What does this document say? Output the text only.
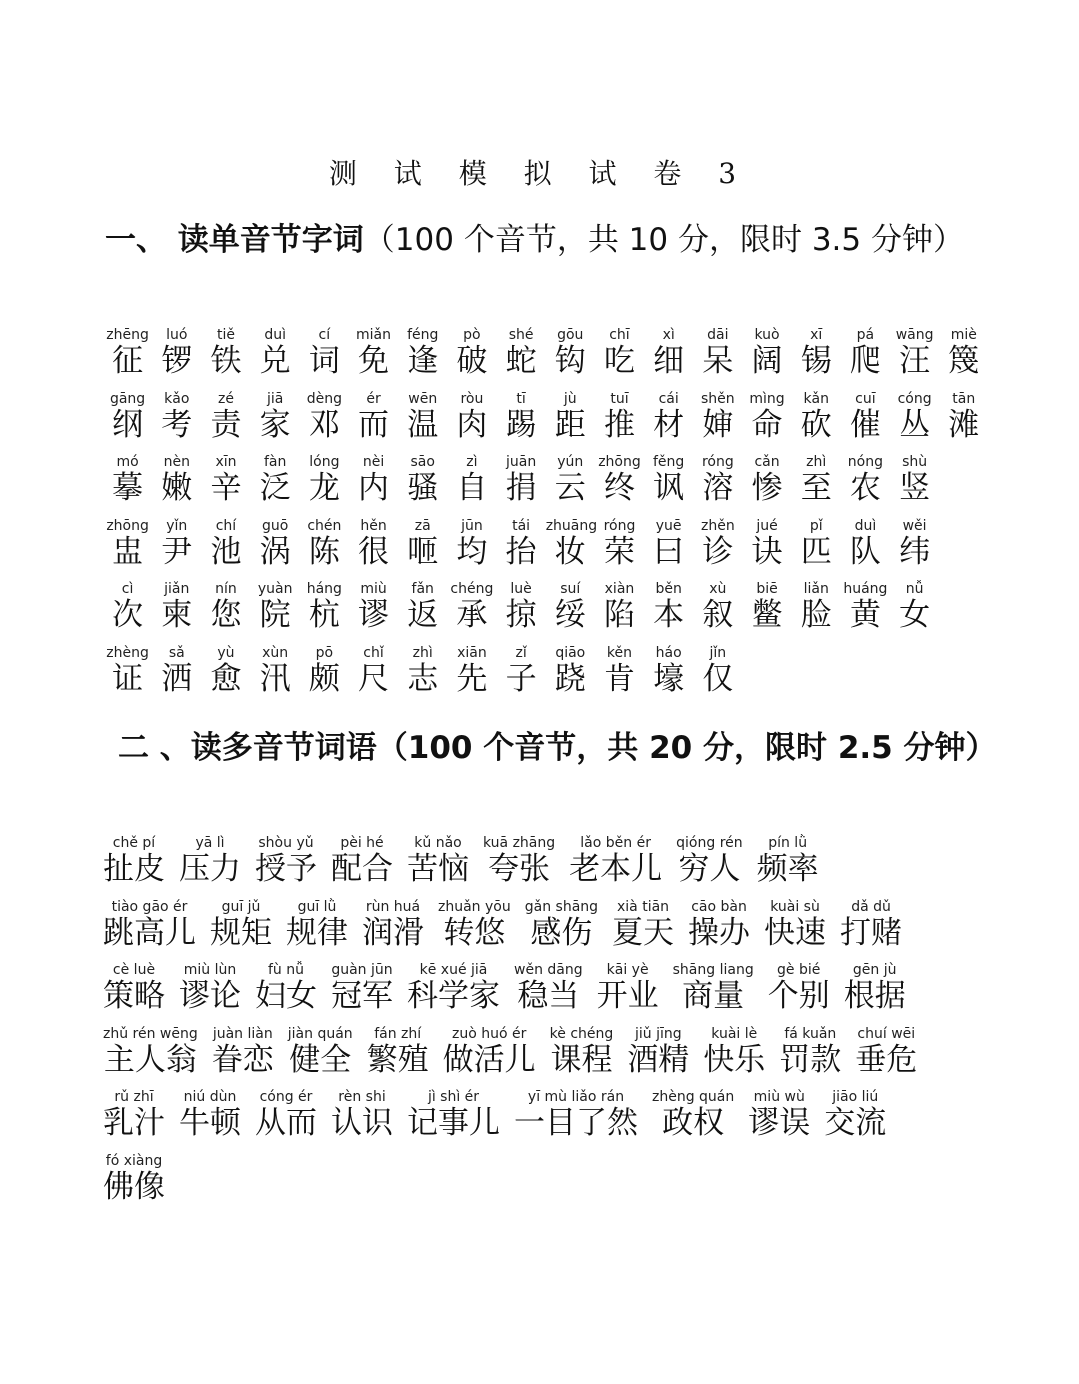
测 试 模 拟 试 卷 3
一、 读单音节字词（100 个音节，共 10 分，限时 3.5 分钟）
zhēng
征
luó
锣
tiě
铁
duì
兑
cí
词
miǎn
免
féng
逢
pò
破
shé
蛇
gōu
钩
chī
吃
xì
细
dāi
呆
kuò
阔
xī
锡
pá
爬
wāng
汪
miè
篾
gāng
纲
kǎo
考
zé
责
jiā
家
dèng
邓
ér
而
wēn
温
ròu
肉
tī
踢
jù
距
tuī
推
cái
材
shěn
婶
mìng
命
kǎn
砍
cuī
催
cóng
丛
tān
滩
mó
摹
nèn
嫩
xīn
辛
fàn
泛
lóng
龙
nèi
内
sāo
骚
zì
自
juān
捐
yún
云
zhōng
终
fěng
讽
róng
溶
cǎn
惨
zhì
至
nóng
农
shù
竖
zhōng
盅
yǐn
尹
chí
池
guō
涡
chén
陈
hěn
很
zā
咂
jūn
均
tái
抬
zhuāng
妆
róng
荣
yuē
曰
zhěn
诊
jué
诀
pǐ
匹
duì
队
wěi
纬
cì
次
jiǎn
柬
nín
您
yuàn
院
háng
杭
miù
谬
fǎn
返
chéng
承
luè
掠
suí
绥
xiàn
陷
běn
本
xù
叙
biē
鳖
liǎn
脸
huáng
黄
nǚ
女
zhèng
证
sǎ
洒
yù
愈
xùn
汛
pō
颇
chǐ
尺
zhì
志
xiān
先
zǐ
子
qiāo
跷
kěn
肯
háo
壕
jǐn
仅
二 、读多音节词语（100 个音节，共 20 分，限时 2.5 分钟）
chě pí
扯皮
yā lì
压力
shòu yǔ
授予
pèi hé
配合
kǔ nǎo
苦恼
kuā zhāng
夸张
lǎo běn ér
老本儿
qióng rén
穷人
pín lǜ
频率
tiào gāo ér
跳高儿
guī jǔ
规矩
guī lǜ
规律
rùn huá
润滑
zhuǎn yōu
转悠
gǎn shāng
感伤
xià tiān
夏天
cāo bàn
操办
kuài sù
快速
dǎ dǔ
打赌
cè luè
策略
miù lùn
谬论
fù nǚ
妇女
guàn jūn
冠军
kē xué jiā
科学家
wěn dāng
稳当
kāi yè
开业
shāng liang
商量
gè bié
个别
gēn jù
根据
zhǔ rén wēng
主人翁
juàn liàn
眷恋
jiàn quán
健全
fán zhí
繁殖
zuò huó ér
做活儿
kè chéng
课程
jiǔ jīng
酒精
kuài lè
快乐
fá kuǎn
罚款
chuí wēi
垂危
rǔ zhī
乳汁
niú dùn
牛顿
cóng ér
从而
rèn shi
认识
jì shì ér
记事儿
yī mù liǎo rán
一目了然
zhèng quán
政权
miù wù
谬误
jiāo liú
交流
fó xiàng
佛像
